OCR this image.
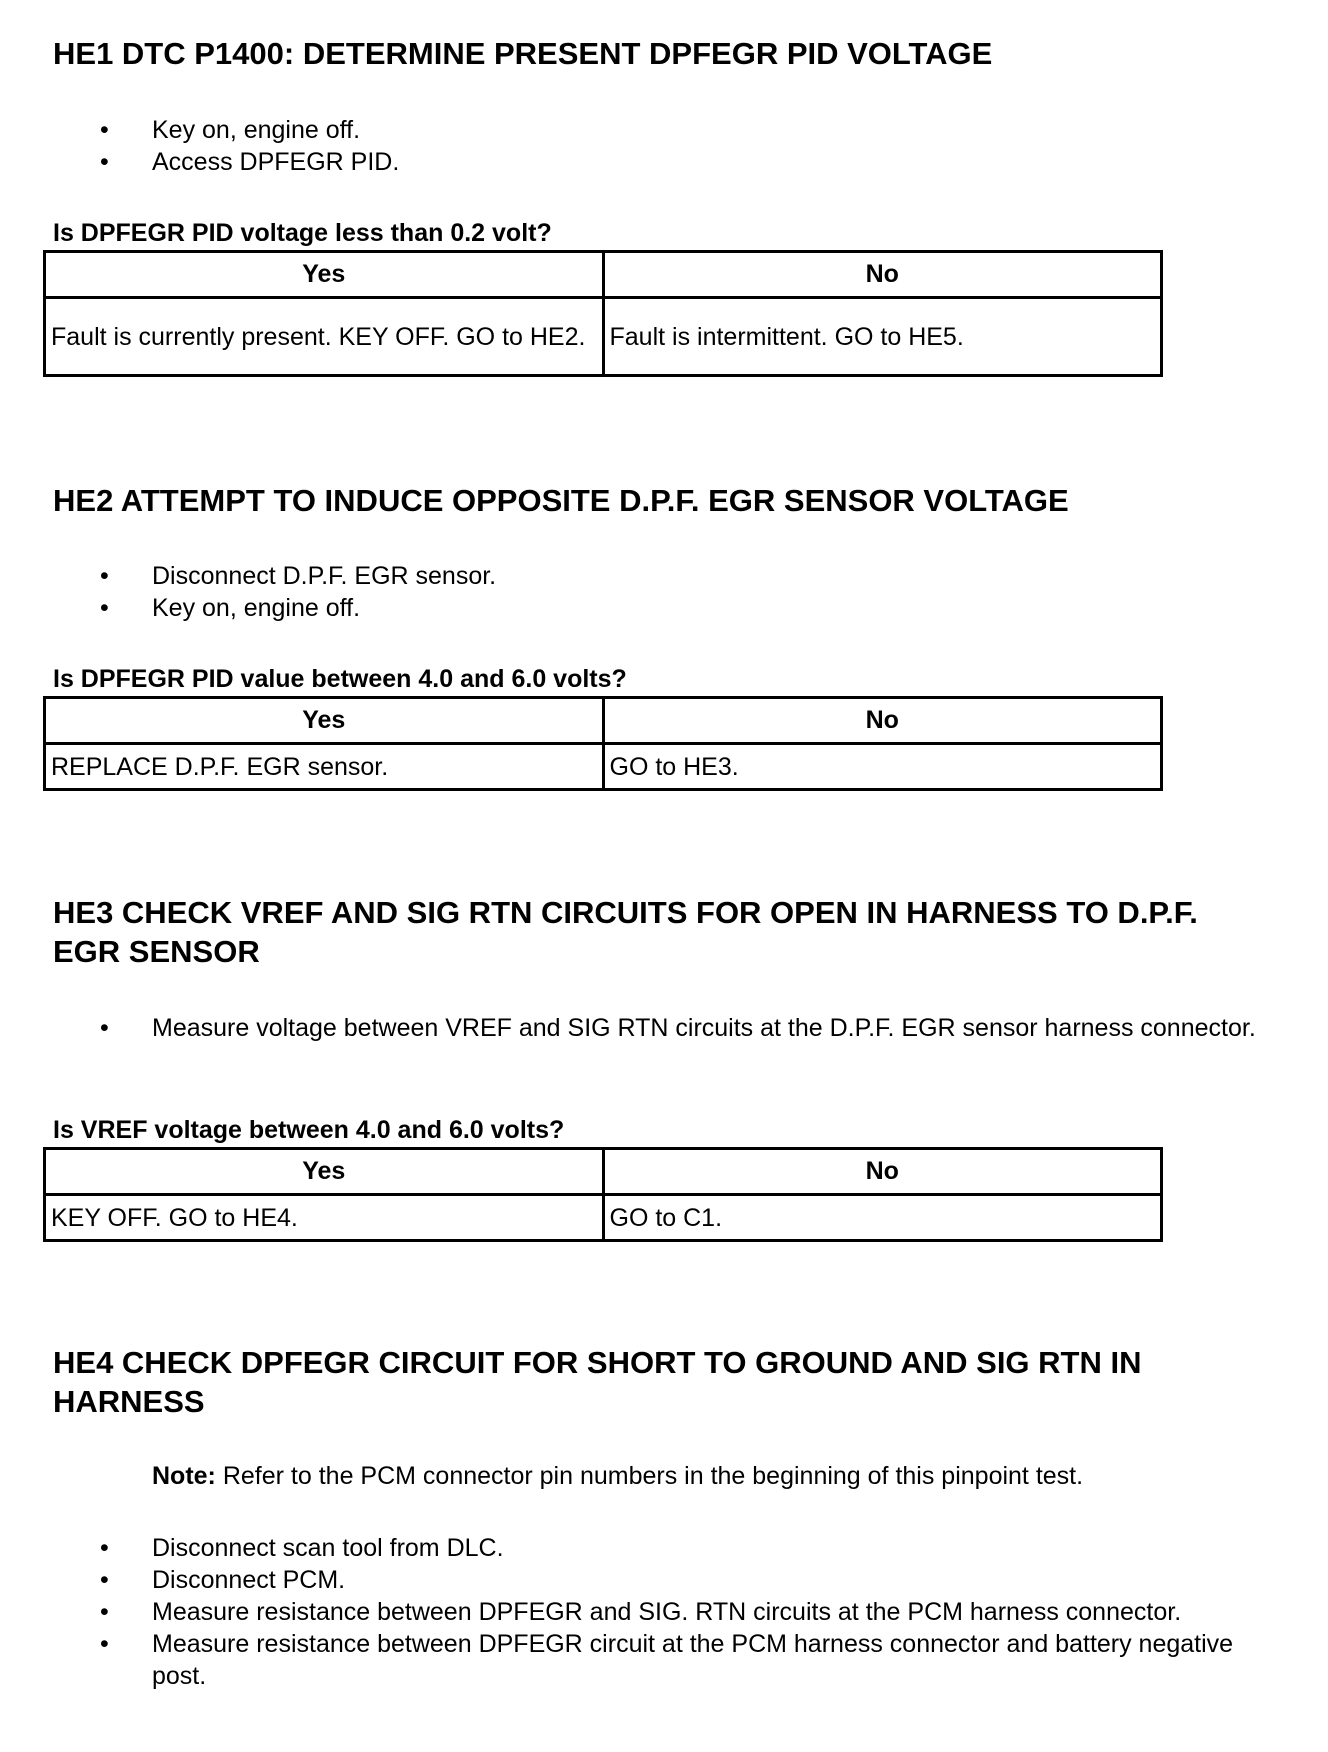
HE1 DTC P1400: DETERMINE PRESENT DPFEGR PID VOLTAGE
• Key on, engine off.
• Access DPFEGR PID.

Is DPFEGR PID voltage less than 0.2 volt?

Yes	No
Fault is currently present. KEY OFF. GO to HE2.	Fault is intermittent. GO to HE5.
HE2 ATTEMPT TO INDUCE OPPOSITE D.P.F. EGR SENSOR VOLTAGE
• Disconnect D.P.F. EGR sensor.
• Key on, engine off.

Is DPFEGR PID value between 4.0 and 6.0 volts?

Yes	No
REPLACE D.P.F. EGR sensor.	GO to HE3.
HE3 CHECK VREF AND SIG RTN CIRCUITS FOR OPEN IN HARNESS TO D.P.F. EGR SENSOR
• Measure voltage between VREF and SIG RTN circuits at the D.P.F. EGR sensor harness connector.

Is VREF voltage between 4.0 and 6.0 volts?

Yes	No
KEY OFF. GO to HE4.	GO to C1.
HE4 CHECK DPFEGR CIRCUIT FOR SHORT TO GROUND AND SIG RTN IN HARNESS

Note: Refer to the PCM connector pin numbers in the beginning of this pinpoint test.

• Disconnect scan tool from DLC.
• Disconnect PCM.
• Measure resistance between DPFEGR and SIG. RTN circuits at the PCM harness connector.
• Measure resistance between DPFEGR circuit at the PCM harness connector and battery negative post.
